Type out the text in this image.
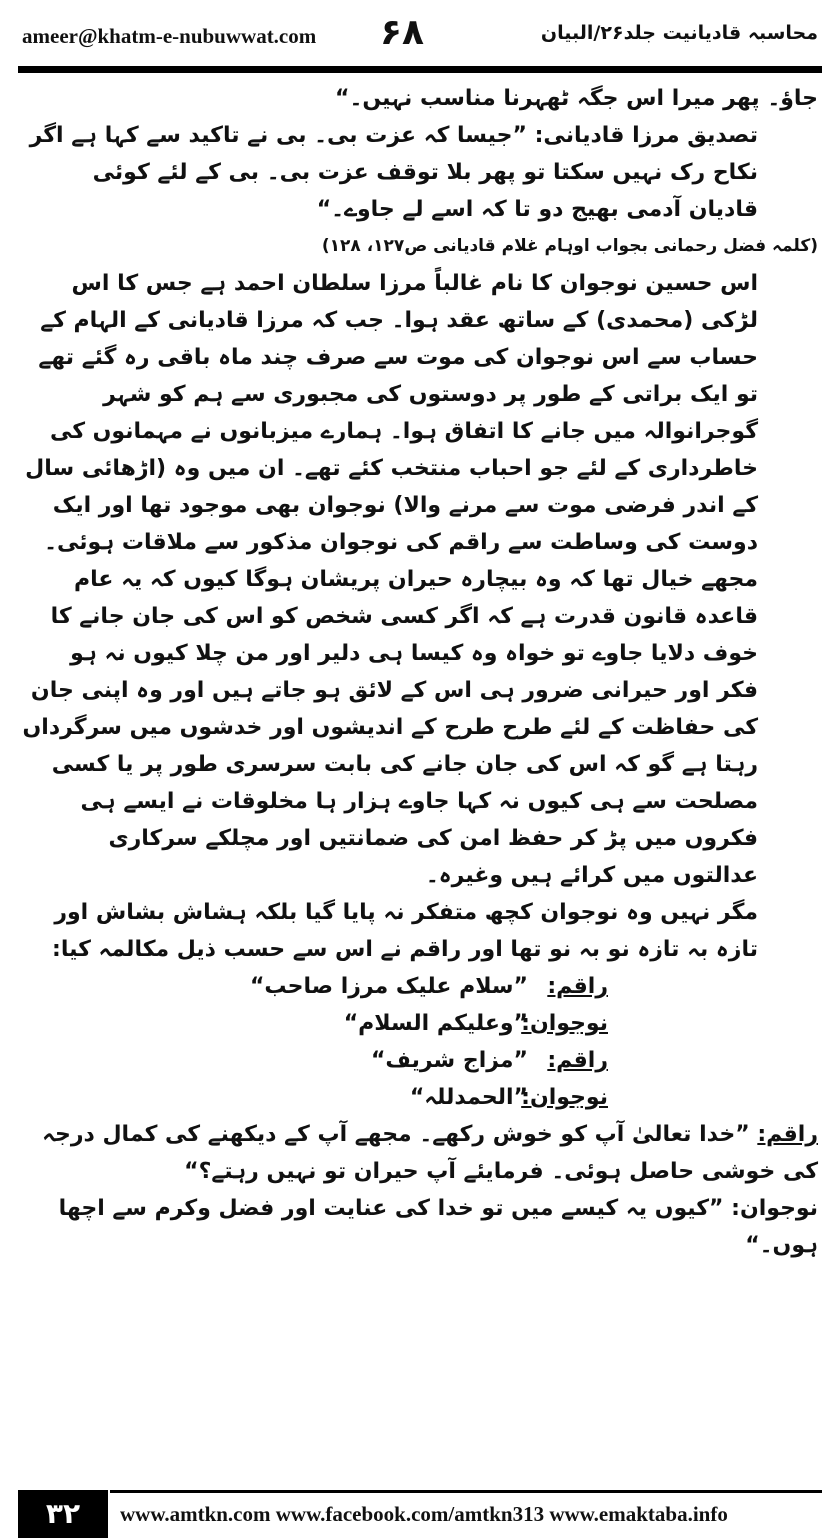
ameer@khatm-e-nubuwwat.com ۶۸	محاسبہ قادیانیت جلد۲۶/البیان

جاؤ۔ پھر میرا اس جگہ ٹھہرنا مناسب نہیں۔“

تصدیق مرزا قادیانی: ”جیسا کہ عزت بی۔ بی نے تاکید سے کہا ہے اگر نکاح رک نہیں سکتا تو پھر بلا توقف عزت بی۔ بی کے لئے کوئی قادیان آدمی بھیج دو تا کہ اسے لے جاوے۔“

(کلمہ فضل رحمانی بجواب اوہام غلام قادیانی ص۱۲۷، ۱۲۸)

اس حسین نوجوان کا نام غالباً مرزا سلطان احمد ہے جس کا اس لڑکی (محمدی) کے ساتھ عقد ہوا۔ جب کہ مرزا قادیانی کے الہام کے حساب سے اس نوجوان کی موت سے صرف چند ماہ باقی رہ گئے تھے تو ایک براتی کے طور پر دوستوں کی مجبوری سے ہم کو شہر گوجرانوالہ میں جانے کا اتفاق ہوا۔ ہمارے میزبانوں نے مہمانوں کی خاطرداری کے لئے جو احباب منتخب کئے تھے۔ ان میں وہ (اڑھائی سال کے اندر فرضی موت سے مرنے والا) نوجوان بھی موجود تھا اور ایک دوست کی وساطت سے راقم کی نوجوان مذکور سے ملاقات ہوئی۔ مجھے خیال تھا کہ وہ بیچارہ حیران پریشان ہوگا کیوں کہ یہ عام قاعدہ قانون قدرت ہے کہ اگر کسی شخص کو اس کی جان جانے کا خوف دلایا جاوے تو خواہ وہ کیسا ہی دلیر اور من چلا کیوں نہ ہو فکر اور حیرانی ضرور ہی اس کے لائق ہو جاتے ہیں اور وہ اپنی جان کی حفاظت کے لئے طرح طرح کے اندیشوں اور خدشوں میں سرگرداں رہتا ہے گو کہ اس کی جان جانے کی بابت سرسری طور پر یا کسی مصلحت سے ہی کیوں نہ کہا جاوے ہزار ہا مخلوقات نے ایسے ہی فکروں میں پڑ کر حفظ امن کی ضمانتیں اور مچلکے سرکاری عدالتوں میں کرائے ہیں وغیرہ۔

مگر نہیں وہ نوجوان کچھ متفکر نہ پایا گیا بلکہ ہشاش بشاش اور تازہ بہ تازہ نو بہ نو تھا اور راقم نے اس سے حسب ذیل مکالمہ کیا:

راقم:
”سلام علیک مرزا صاحب“
نوجوان:
”وعلیکم السلام“
راقم:
”مزاج شریف“
نوجوان:
”الحمدللہ“

راقم: ”خدا تعالیٰ آپ کو خوش رکھے۔ مجھے آپ کے دیکھنے کی کمال درجہ کی خوشی حاصل ہوئی۔ فرمایئے آپ حیران تو نہیں رہتے؟“

نوجوان: ”کیوں یہ کیسے میں تو خدا کی عنایت اور فضل وکرم سے اچھا ہوں۔“

۳۲	www.amtkn.com www.facebook.com/amtkn313 www.emaktaba.info
